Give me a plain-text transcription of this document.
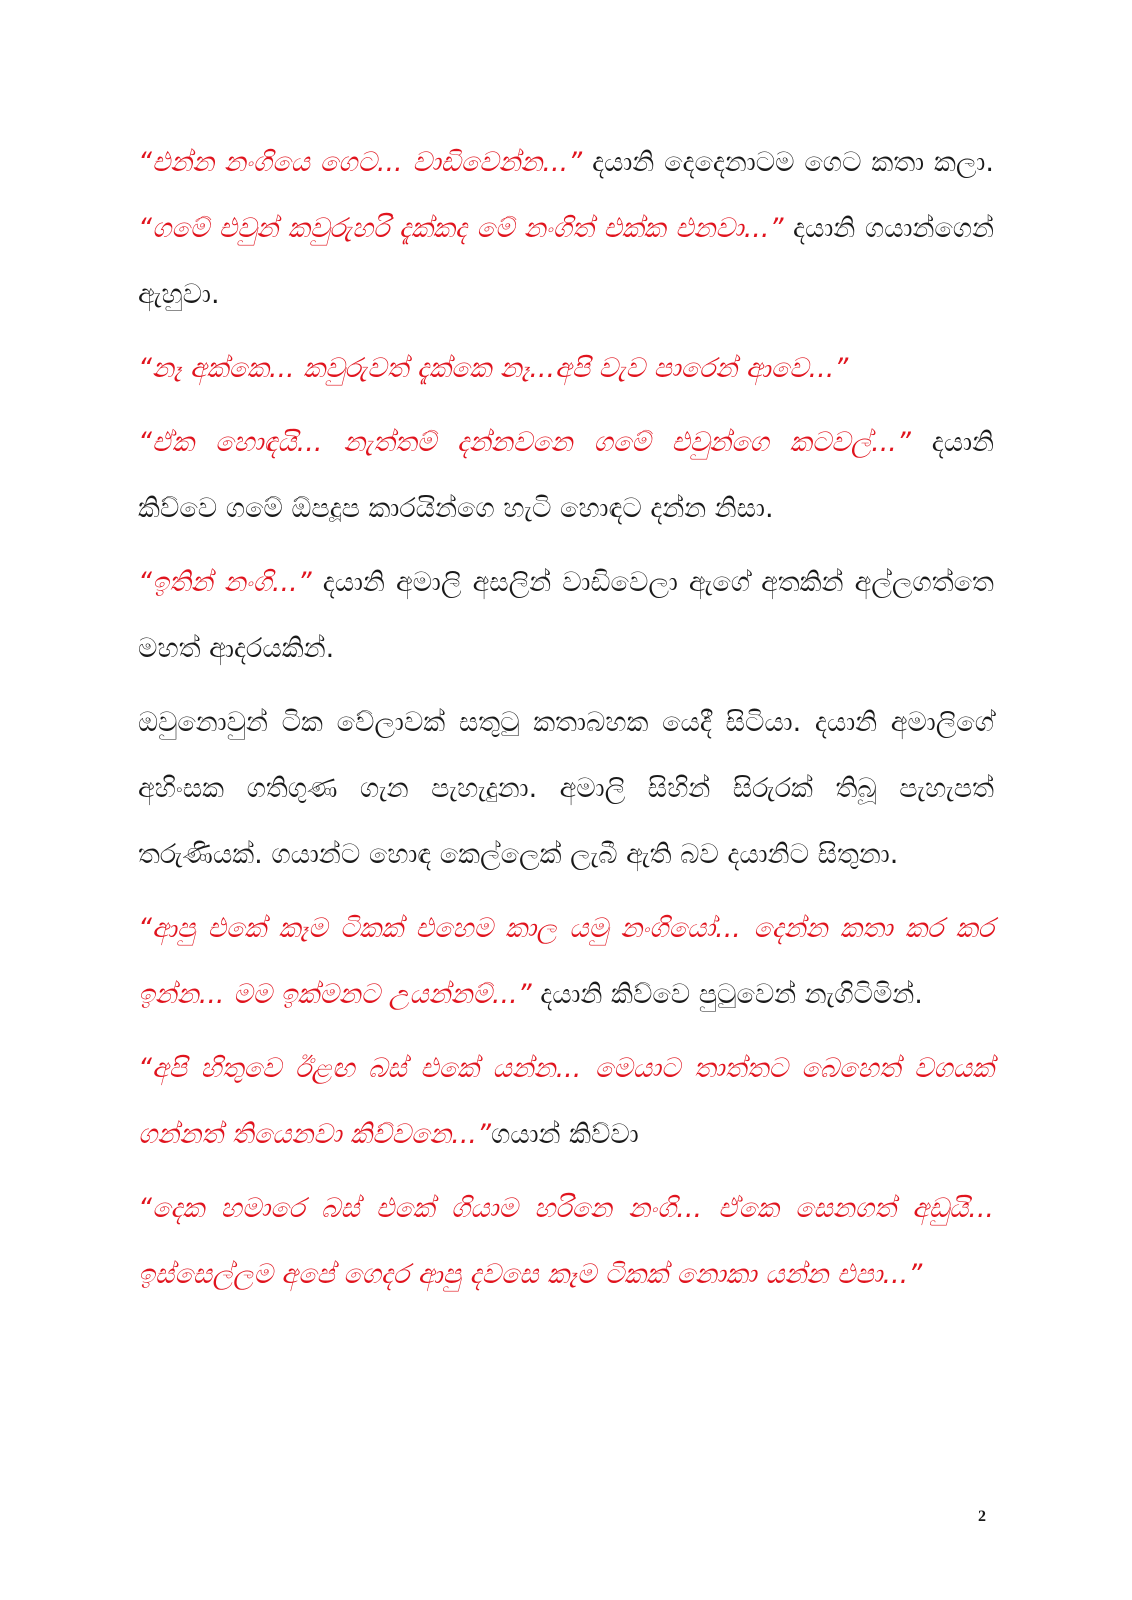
“එන්න නංගියෙ ගෙට... වාඩිවෙන්න...” දයානි දෙදෙනාටම ගෙට කතා කලා. “ගමේ එවුන් කවුරුහරි දැක්කද මේ නංගිත් එක්ක එනවා...” දයානි ගයාන්ගෙන් ඇහුවා.

“නෑ අක්කෙ... කවුරුවත් දැක්කෙ නෑ...අපි වැව පාරෙන් ආවෙ...”

“ඒක හොඳයි... නැත්තම් දන්නවනෙ ගමේ එවුන්ගෙ කටවල්...” දයානි කිව්වෙ ගමේ ඕපදූප කාරයින්ගෙ හැටි හොඳට දන්න නිසා.

“ඉතින් නංගි...” දයානි අමාලි අසලින් වාඩිවෙලා ඇගේ අතකින් අල්ලගත්තෙ මහත් ආදරයකින්.

ඔවුනොවුන් ටික වේලාවක් සතුටු කතාබහක යෙදී සිටියා. දයානි අමාලිගේ අහිංසක ගතිගුණ ගැන පැහැදුනා. අමාලි සිහින් සිරුරක් තිබූ පැහැපත් තරුණියක්. ගයාන්ට හොඳ කෙල්ලෙක් ලැබී ඇති බව දයානිට සිතුනා.

“ආපු එකේ කෑම ටිකක් එහෙම කාල යමු නංගියෝ... දෙන්න කතා කර කර ඉන්න... මම ඉක්මනට උයන්නම්...” දයානි කිව්වෙ පුටුවෙන් නැගිටිමින්.

“අපි හිතුවෙ ඊළඟ බස් එකේ යන්න... මෙයාට තාත්තට බෙහෙත් වගයක් ගන්නත් තියෙනවා කිව්වනෙ...”ගයාන් කිව්වා

“දෙක හමාරෙ බස් එකේ ගියාම හරිනෙ නංගි... ඒකෙ සෙනගත් අඩුයි... ඉස්සෙල්ලම අපේ ගෙදර ආපු දවසෙ කෑම ටිකක් නොකා යන්න එපා...”

2
